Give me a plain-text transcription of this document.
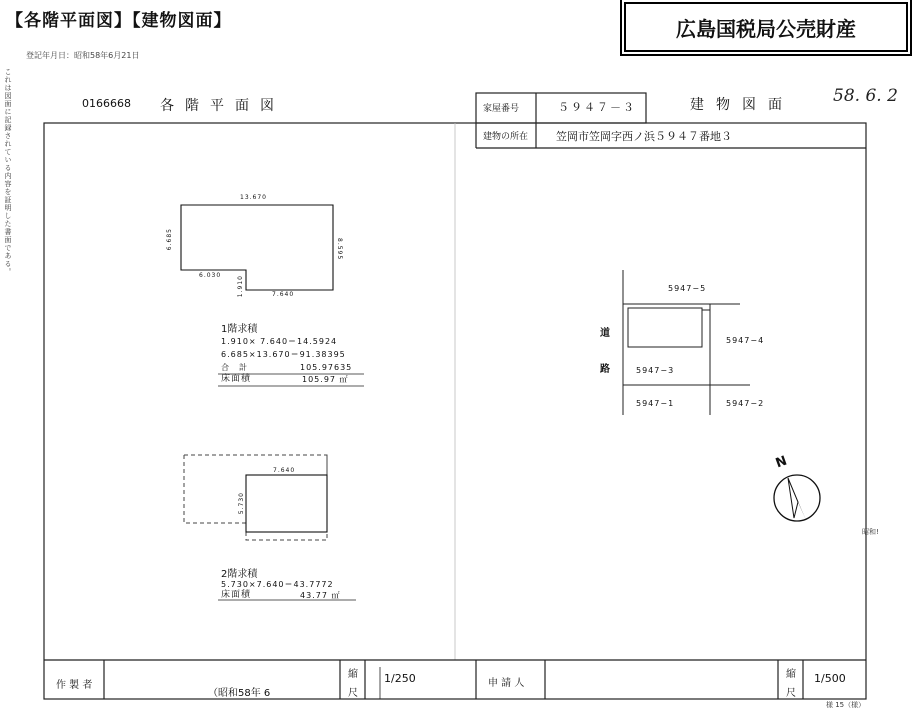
【各階平面図】【建物図面】	広島国税局公売財産
登記年月日：昭和58年6月21日
これは図面に記録されている内容を証明した書面である。	0166668 各階平面図	建物図面 58. 6. 2
家屋番号	５９４７－３
建物の所在	笠岡市笠岡字西ノ浜５９４７番地３
13.670
6.685	8.595
6.030	1.910	7.640
1階求積
1.910× 7.640＝14.5924
6.685×13.670＝91.38395
合　計	105.97635
床面積	105.97 ㎡
7.640
5.730
2階求積
5.730×7.640＝43.7772
床面積	43.77 ㎡
5947−5
5947−4
5947−3
5947−1	5947−2
道
路
N
昭和!
作 製 者
（昭和58年 6
縮
尺
1/250	申 請 人
縮
尺
1/500
様 15（様）
